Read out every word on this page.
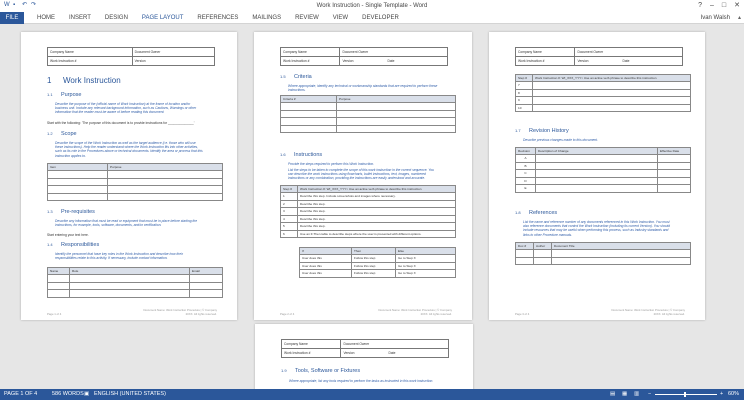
W ▪	↶ ↷	Work Instruction - Single Template - Word	? – □ ✕
FILE	HOME	INSERT	DESIGN	PAGE LAYOUT	REFERENCES	MAILINGS	REVIEW	VIEW	DEVELOPER	Ivan Walsh ▴
Company Name	Document Owner
Work Instruction #	Version
1 Work Instruction
1.1 Purpose
Describe the purpose of the (official name of Work Instruction) at the frame of location and/or business unit. Include any relevant background information, such as Cautions, Warnings or other information that the reader must be aware of before reading this document.
Start with the following: 'The purpose of this document is to provide instructions for ______________'
1.2 Scope
Describe the scope of the Work Instruction as well as the target audience (i.e. those who will use these instructions). Help the reader understand where the Work Instruction fits into other activities, such as its role in the Procedures above or technical documents. Identify the area or process that this instruction applies to.
Item	Purpose

1.3 Pre-requisites
Describe any information that must be read or equipment that must be in place before starting the instructions, for example, tools, software, documents, and/or certification.
Start entering your text here.
1.4 Responsibilities
Identify the personnel that have key roles in the Work Instruction and describe how their responsibilities relate to this activity. If necessary, include contact information.
Name	Role	Email

Page 1 of 4
Document Name: Work Instruction Procedure | © Company 20XX. All rights reserved.
Company Name	Document Owner
Work Instruction #	Version Date
1.5 Criteria
Where appropriate, identify any technical or workmanship standards that are required to perform these instructions.
Criteria #	Purpose

1.6 Instructions
Provide the steps required to perform this Work Instruction.
List the steps to be taken to complete the scope of this work instruction in the correct sequence. You can describe the work instructions using flowcharts, bullet instructions, text, images, numbered instructions or any combination, providing the instructions are easily understood and accurate.
Step #	Work Instruction #: WI_XXX_YYY> Use an active verb phrase to describe this instruction
1	Describe this step. Include screenshots and images where necessary.
2	Describe this step.
3	Describe this step.
4	Describe this step.
5	Describe this step.
6	Use an If-Then table to describe steps where the user is presented with different options.
If	Then	Else
User does this	Follow this step	Go to Step X
User does this	Follow this step	Go to Step X
User does this	Follow this step	Go to Step X
Page 2 of 4
Document Name: Work Instruction Procedure | © Company 20XX. All rights reserved.
Company Name	Document Owner
Work Instruction #	Version Date
Step #	Work Instruction #: WI_XXX_YYY> Use an active verb phrase to describe this instruction
7	
8	
9	
10	
1.7 Revision History
Describe previous changes made to this document.
Revision	Description of Change	Effective Date
A		
B		
C		
D		
E		
1.8 References
List the name and reference number of any documents referenced in this Work Instruction. You must also reference documents that control the Work Instruction (including its current Version). You should include resources that may be useful when performing this process, such as Industry standards and links to other Procedure manuals.
Doc #	Author	Document Title

Page 3 of 4
Document Name: Work Instruction Procedure | © Company 20XX. All rights reserved.
Company Name	Document Owner
Work Instruction #	Version Date
1.9 Tools, Software or Fixtures
Where appropriate, list any tools required to perform the tasks as instructed in this work instruction.
PAGE 1 OF 4	586 WORDS ▣ ENGLISH (UNITED STATES)	▤ ▦ ▥ −	+ 60%
